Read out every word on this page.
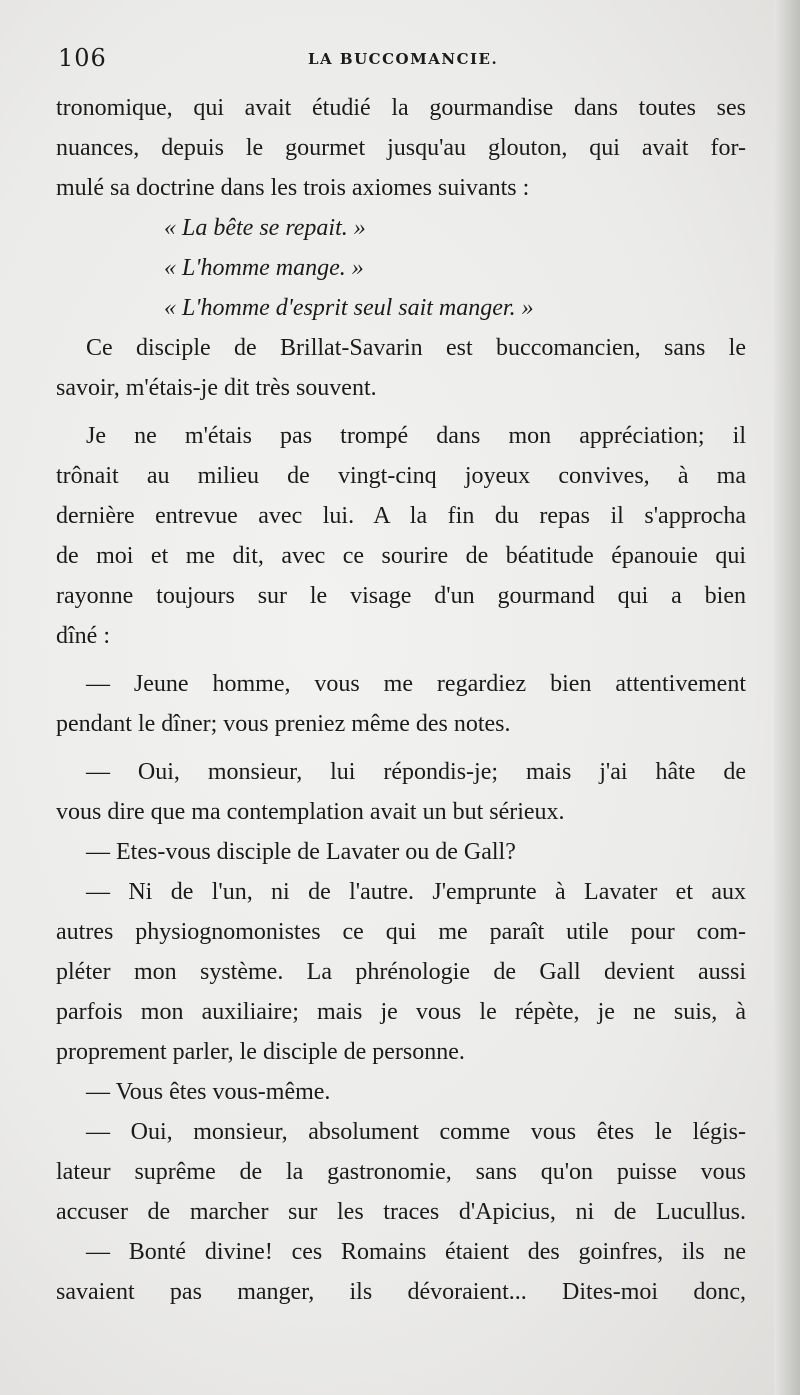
106	LA BUCCOMANCIE.
tronomique, qui avait étudié la gourmandise dans toutes ses
nuances, depuis le gourmet jusqu'au glouton, qui avait for-
mulé sa doctrine dans les trois axiomes suivants :
« La bête se repait. »
« L'homme mange. »
« L'homme d'esprit seul sait manger. »
Ce disciple de Brillat-Savarin est buccomancien, sans le
savoir, m'étais-je dit très souvent.
Je ne m'étais pas trompé dans mon appréciation; il
trônait au milieu de vingt-cinq joyeux convives, à ma
dernière entrevue avec lui. A la fin du repas il s'approcha
de moi et me dit, avec ce sourire de béatitude épanouie qui
rayonne toujours sur le visage d'un gourmand qui a bien
dîné :
— Jeune homme, vous me regardiez bien attentivement
pendant le dîner; vous preniez même des notes.
— Oui, monsieur, lui répondis-je; mais j'ai hâte de
vous dire que ma contemplation avait un but sérieux.
— Etes-vous disciple de Lavater ou de Gall?
— Ni de l'un, ni de l'autre. J'emprunte à Lavater et aux
autres physiognomonistes ce qui me paraît utile pour com-
pléter mon système. La phrénologie de Gall devient aussi
parfois mon auxiliaire; mais je vous le répète, je ne suis, à
proprement parler, le disciple de personne.
— Vous êtes vous-même.
— Oui, monsieur, absolument comme vous êtes le légis-
lateur suprême de la gastronomie, sans qu'on puisse vous
accuser de marcher sur les traces d'Apicius, ni de Lucullus.
— Bonté divine! ces Romains étaient des goinfres, ils ne
savaient pas manger, ils dévoraient... Dites-moi donc,
